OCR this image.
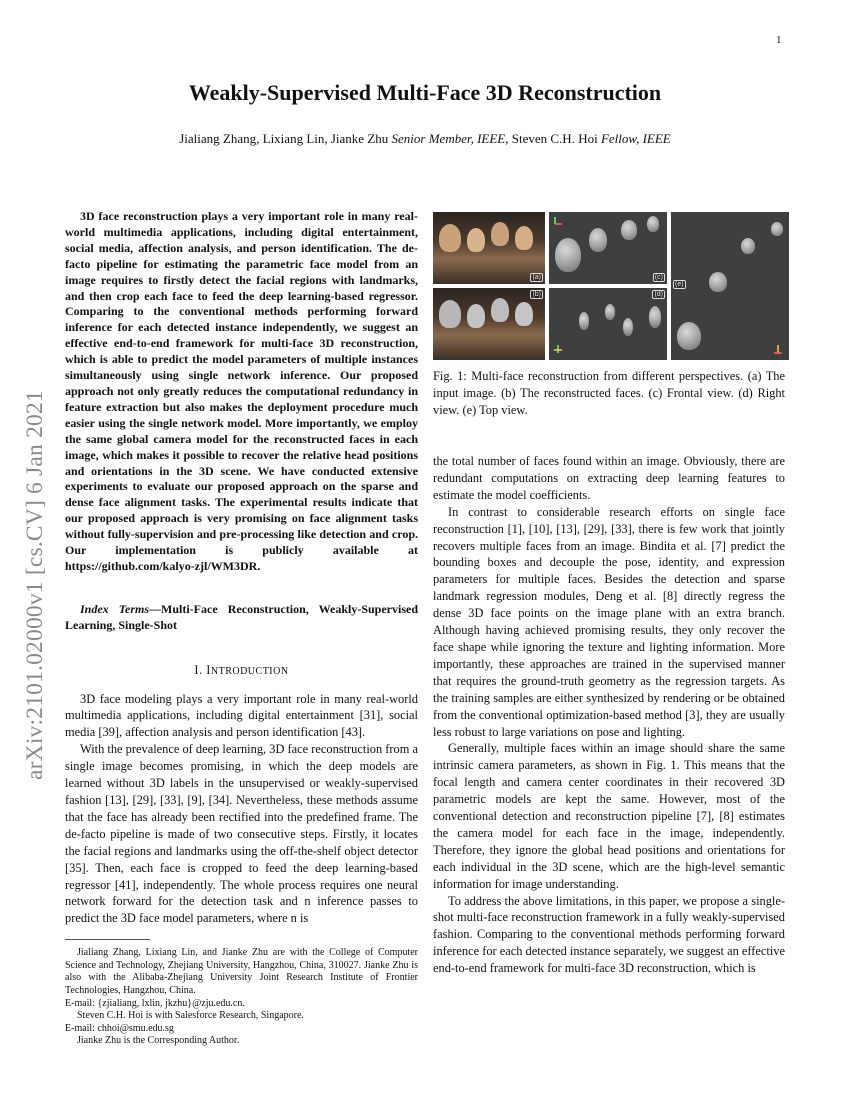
1
arXiv:2101.02000v1 [cs.CV] 6 Jan 2021
Weakly-Supervised Multi-Face 3D Reconstruction
Jialiang Zhang, Lixiang Lin, Jianke Zhu Senior Member, IEEE, Steven C.H. Hoi Fellow, IEEE

3D face reconstruction plays a very important role in many real-world multimedia applications, including digital entertainment, social media, affection analysis, and person identification. The de-facto pipeline for estimating the parametric face model from an image requires to firstly detect the facial regions with landmarks, and then crop each face to feed the deep learning-based regressor. Comparing to the conventional methods performing forward inference for each detected instance independently, we suggest an effective end-to-end framework for multi-face 3D reconstruction, which is able to predict the model parameters of multiple instances simultaneously using single network inference. Our proposed approach not only greatly reduces the computational redundancy in feature extraction but also makes the deployment procedure much easier using the single network model. More importantly, we employ the same global camera model for the reconstructed faces in each image, which makes it possible to recover the relative head positions and orientations in the 3D scene. We have conducted extensive experiments to evaluate our proposed approach on the sparse and dense face alignment tasks. The experimental results indicate that our proposed approach is very promising on face alignment tasks without fully-supervision and pre-processing like detection and crop. Our implementation is publicly available at https://github.com/kalyo-zjl/WM3DR.

Index Terms—Multi-Face Reconstruction, Weakly-Supervised Learning, Single-Shot

I. INTRODUCTION

3D face modeling plays a very important role in many real-world multimedia applications, including digital entertainment [31], social media [39], affection analysis and person identification [43].

With the prevalence of deep learning, 3D face reconstruction from a single image becomes promising, in which the deep models are learned without 3D labels in the unsupervised or weakly-supervised fashion [13], [29], [33], [9], [34]. Nevertheless, these methods assume that the face has already been rectified into the predefined frame. The de-facto pipeline is made of two consecutive steps. Firstly, it locates the facial regions and landmarks using the off-the-shelf object detector [35]. Then, each face is cropped to feed the deep learning-based regressor [41], independently. The whole process requires one neural network forward for the detection task and n inference passes to predict the 3D face model parameters, where n is

Jialiang Zhang, Lixiang Lin, and Jianke Zhu are with the College of Computer Science and Technology, Zhejiang University, Hangzhou, China, 310027. Jianke Zhu is also with the Alibaba-Zhejiang University Joint Research Institute of Frontier Technologies, Hangzhou, China.

E-mail: {zjialiang, lxlin, jkzhu}@zju.edu.cn.

Steven C.H. Hoi is with Salesforce Research, Singapore.

E-mail: chhoi@smu.edu.sg

Jianke Zhu is the Corresponding Author.

(a)
(b)
(c)
(d)
(e)
Fig. 1: Multi-face reconstruction from different perspectives. (a) The input image. (b) The reconstructed faces. (c) Frontal view. (d) Right view. (e) Top view.

the total number of faces found within an image. Obviously, there are redundant computations on extracting deep learning features to estimate the model coefficients.

In contrast to considerable research efforts on single face reconstruction [1], [10], [13], [29], [33], there is few work that jointly recovers multiple faces from an image. Bindita et al. [7] predict the bounding boxes and decouple the pose, identity, and expression parameters for multiple faces. Besides the detection and sparse landmark regression modules, Deng et al. [8] directly regress the dense 3D face points on the image plane with an extra branch. Although having achieved promising results, they only recover the face shape while ignoring the texture and lighting information. More importantly, these approaches are trained in the supervised manner that requires the ground-truth geometry as the regression targets. As the training samples are either synthesized by rendering or be obtained from the conventional optimization-based method [3], they are usually less robust to large variations on pose and lighting.

Generally, multiple faces within an image should share the same intrinsic camera parameters, as shown in Fig. 1. This means that the focal length and camera center coordinates in their recovered 3D parametric models are kept the same. However, most of the conventional detection and reconstruction pipeline [7], [8] estimates the camera model for each face in the image, independently. Therefore, they ignore the global head positions and orientations for each individual in the 3D scene, which are the high-level semantic information for image understanding.

To address the above limitations, in this paper, we propose a single-shot multi-face reconstruction framework in a fully weakly-supervised fashion. Comparing to the conventional methods performing forward inference for each detected instance separately, we suggest an effective end-to-end framework for multi-face 3D reconstruction, which is
